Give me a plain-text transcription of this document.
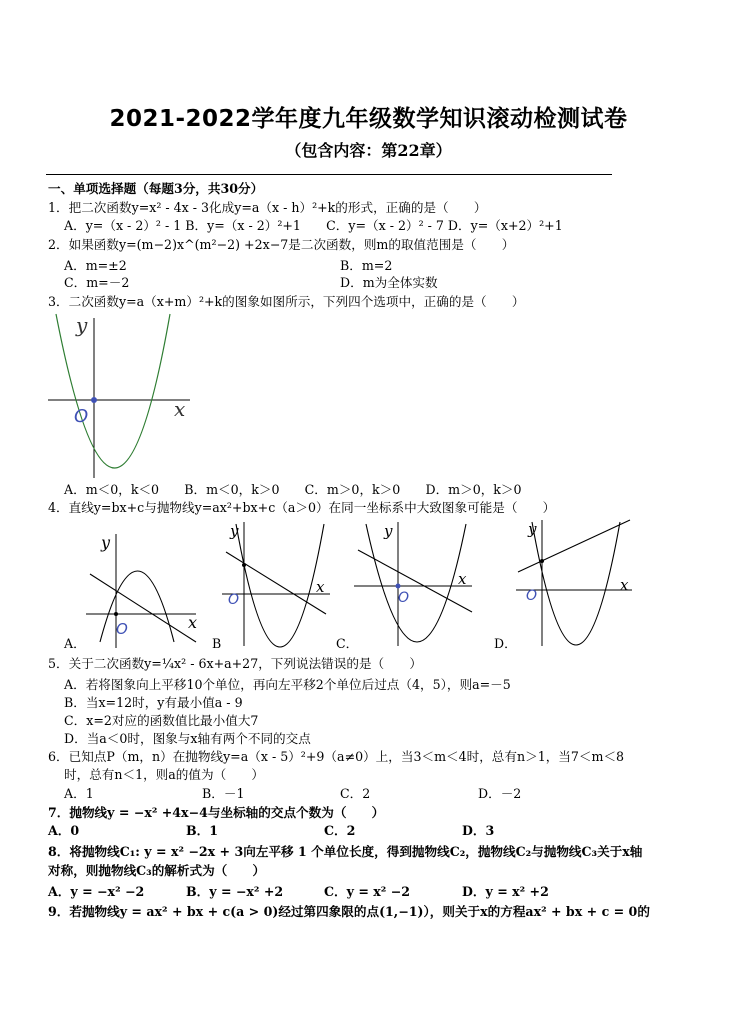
2021-2022学年度九年级数学知识滚动检测试卷
（包含内容：第22章）
一、单项选择题（每题3分，共30分）
1．把二次函数y=x² - 4x - 3化成y=a（x - h）²+k的形式，正确的是（　　）
A．y=（x - 2）² - 1 B．y=（x - 2）²+1　　C．y=（x - 2）² - 7 D．y=（x+2）²+1
2．如果函数y=(m−2)x^(m²−2) +2x−7是二次函数，则m的取值范围是（　　）
A．m=±2	B．m=2
C．m=－2	D．m为全体实数
3．二次函数y=a（x+m）²+k的图象如图所示，下列四个选项中，正确的是（　　）
y
x
O
A．m＜0，k＜0　　B．m＜0，k＞0　　C．m＞0，k＞0　　D．m＞0，k＞0
4．直线y=bx+c与抛物线y=ax²+bx+c（a＞0）在同一坐标系中大致图象可能是（　　）
y
x
O
A．
y
x
O
B
y
x
O
C．
y
x
O
D．
5．关于二次函数y=¼x² - 6x+a+27，下列说法错误的是（　　）
A．若将图象向上平移10个单位，再向左平移2个单位后过点（4，5），则a=－5
B．当x=12时，y有最小值a - 9
C．x=2对应的函数值比最小值大7
D．当a＜0时，图象与x轴有两个不同的交点
6．已知点P（m，n）在抛物线y=a（x - 5）²+9（a≠0）上，当3＜m＜4时，总有n＞1，当7＜m＜8
时，总有n＜1，则a的值为（　　）
A．1	B．－1	C．2	D．－2
7．抛物线y = −x² +4x−4与坐标轴的交点个数为（　　）
A．0	B．1	C．2	D．3
8．将抛物线C₁: y = x² −2x + 3向左平移 1 个单位长度，得到抛物线C₂，抛物线C₂与抛物线C₃关于x轴
对称，则抛物线C₃的解析式为（　　）
A．y = −x² −2	B．y = −x² +2	C．y = x² −2	D．y = x² +2
9．若抛物线y = ax² + bx + c(a > 0)经过第四象限的点(1,−1)），则关于x的方程ax² + bx + c = 0的
